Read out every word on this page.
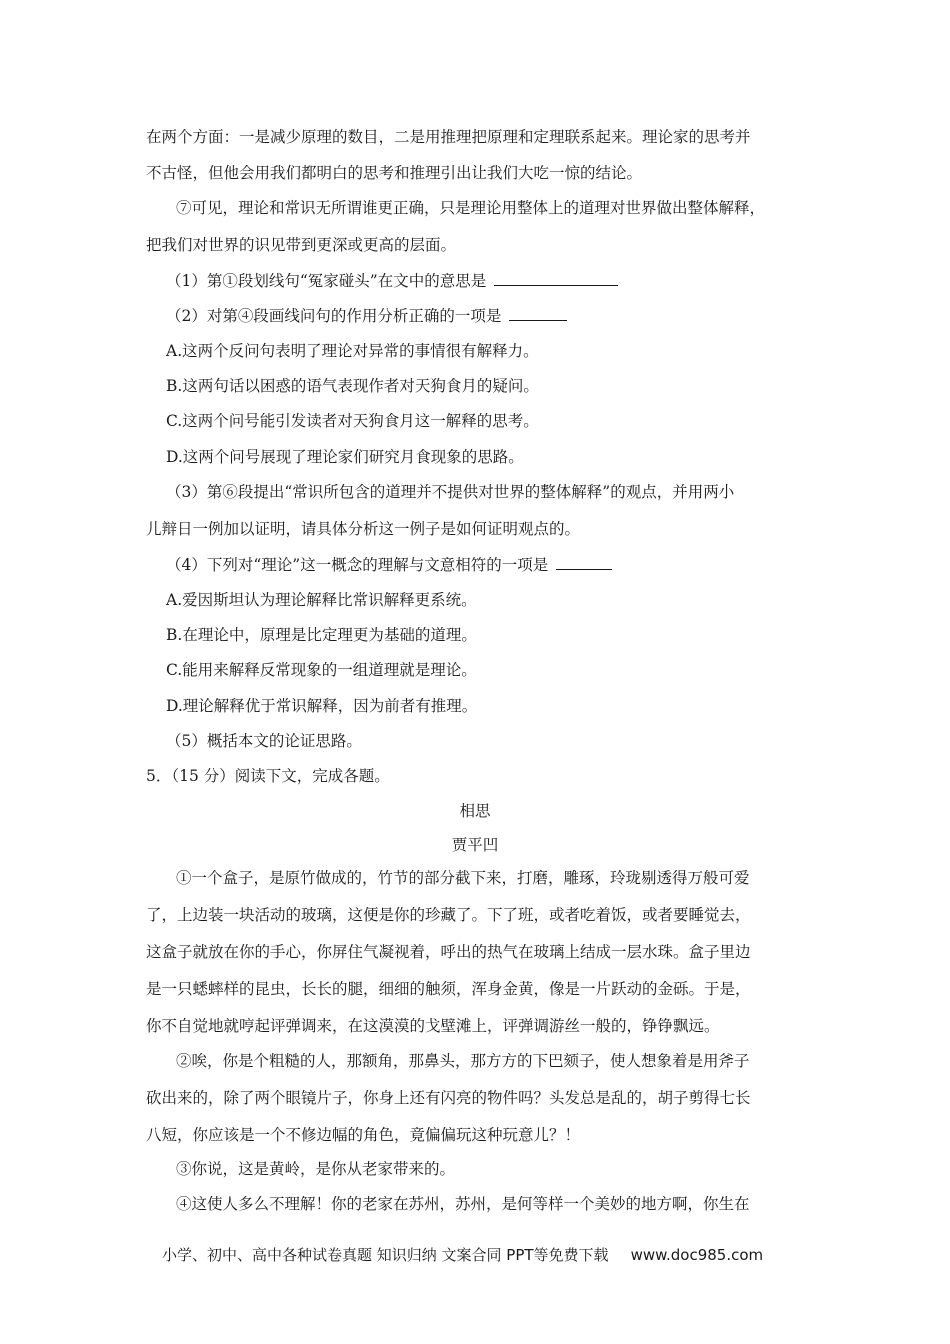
在两个方面：一是减少原理的数目，二是用推理把原理和定理联系起来。理论家的思考并
不古怪，但他会用我们都明白的思考和推理引出让我们大吃一惊的结论。
⑦可见，理论和常识无所谓谁更正确，只是理论用整体上的道理对世界做出整体解释，
把我们对世界的识见带到更深或更高的层面。
（1）第①段划线句“冤家碰头”在文中的意思是
（2）对第④段画线问句的作用分析正确的一项是
A.这两个反问句表明了理论对异常的事情很有解释力。
B.这两句话以困惑的语气表现作者对天狗食月的疑问。
C.这两个问号能引发读者对天狗食月这一解释的思考。
D.这两个问号展现了理论家们研究月食现象的思路。
（3）第⑥段提出“常识所包含的道理并不提供对世界的整体解释”的观点，并用两小
儿辩日一例加以证明，请具体分析这一例子是如何证明观点的。
（4）下列对“理论”这一概念的理解与文意相符的一项是
A.爱因斯坦认为理论解释比常识解释更系统。
B.在理论中，原理是比定理更为基础的道理。
C.能用来解释反常现象的一组道理就是理论。
D.理论解释优于常识解释，因为前者有推理。
（5）概括本文的论证思路。
5．（15 分）阅读下文，完成各题。
相思
贾平凹
①一个盒子，是原竹做成的，竹节的部分截下来，打磨，雕琢，玲珑剔透得万般可爱
了，上边装一块活动的玻璃，这便是你的珍藏了。下了班，或者吃着饭，或者要睡觉去，
这盒子就放在你的手心，你屏住气凝视着，呼出的热气在玻璃上结成一层水珠。盒子里边
是一只蟋蟀样的昆虫，长长的腿，细细的触须，浑身金黄，像是一片跃动的金砾。于是，
你不自觉地就哼起评弹调来，在这漠漠的戈壁滩上，评弹调游丝一般的，铮铮飘远。
②唉，你是个粗糙的人，那额角，那鼻头，那方方的下巴颏子，使人想象着是用斧子
砍出来的，除了两个眼镜片子，你身上还有闪亮的物件吗？头发总是乱的，胡子剪得七长
八短，你应该是一个不修边幅的角色，竟偏偏玩这种玩意儿？！
③你说，这是黄岭，是你从老家带来的。
④这使人多么不理解！你的老家在苏州，苏州，是何等样一个美妙的地方啊，你生在
小学、初中、高中各种试卷真题 知识归纳 文案合同 PPT等免费下载 www.doc985.com
